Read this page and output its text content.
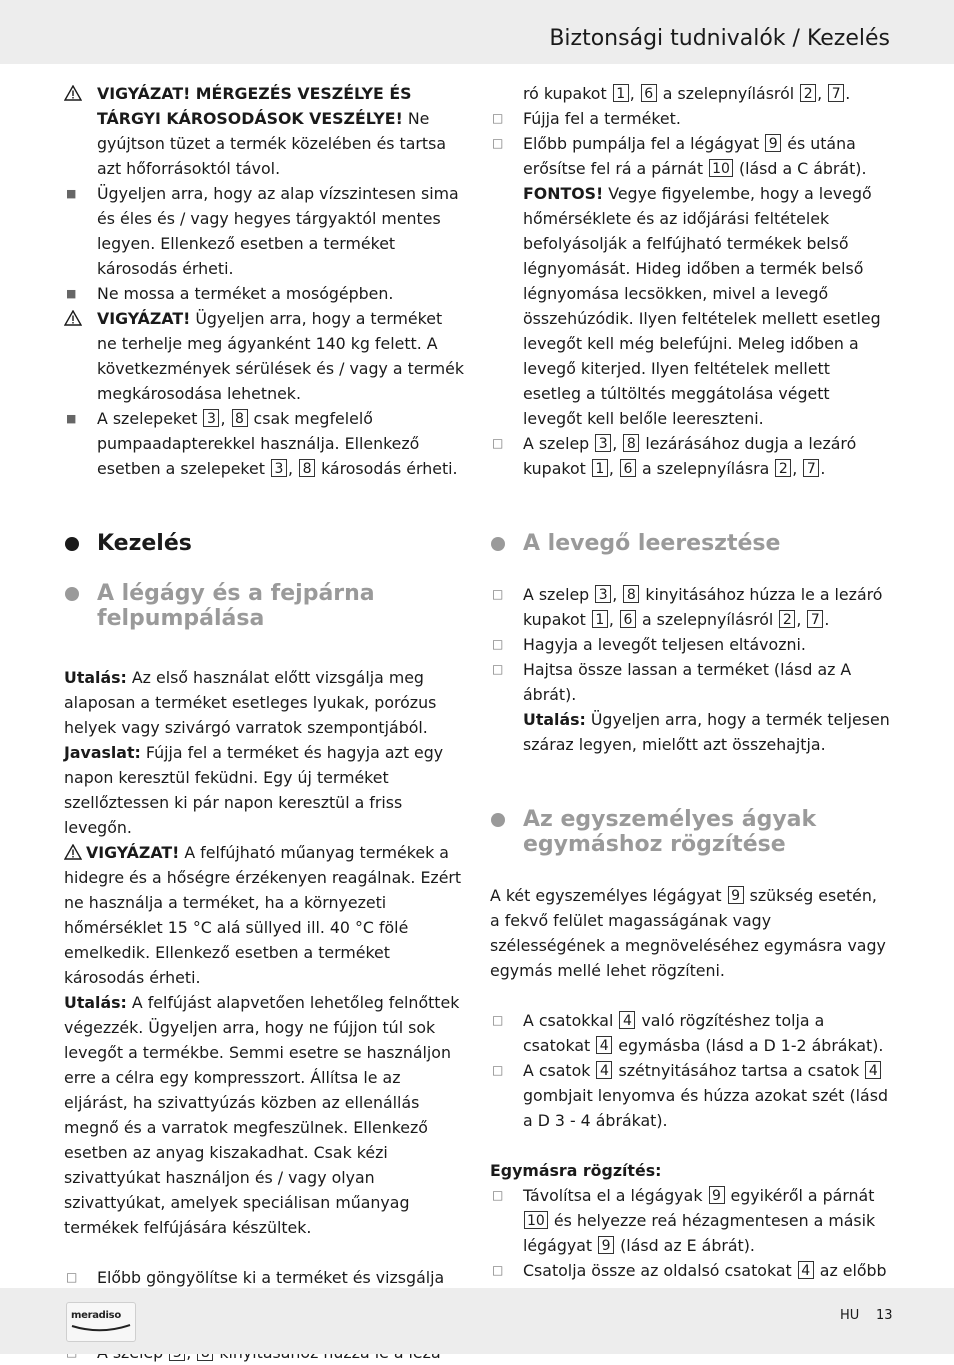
Biztonsági tudnivalók / Kezelés

VIGYÁZAT! MÉRGEZÉS VESZÉLYE ÉS TÁRGYI KÁROSODÁSOK VESZÉLYE! Ne gyújtson tüzet a termék közelében és tartsa azt hőforrásoktól távol.

■	Ügyeljen arra, hogy az alap vízszintesen sima és éles és / vagy hegyes tárgyaktól mentes legyen. Ellenkező esetben a terméket károsodás érheti.

■	Ne mossa a terméket a mosógépben.

VIGYÁZAT! Ügyeljen arra, hogy a terméket ne terhelje meg ágyanként 140 kg felett. A következmények sérülések és / vagy a termék megkárosodása lehetnek.

■	A szelepeket 3 , 8 csak megfelelő pumpaadapterekkel használja. Ellenkező esetben a szelepeket 3 , 8 károsodás érheti.

Kezelés
A légágy és a fejpárna felpumpálása

Utalás: Az első használat előtt vizsgálja meg alaposan a terméket esetleges lyukak, porózus helyek vagy szivárgó varratok szempontjából.

Javaslat: Fújja fel a terméket és hagyja azt egy napon keresztül feküdni. Egy új terméket szellőztessen ki pár napon keresztül a friss levegőn.

VIGYÁZAT! A felfújható műanyag termékek a hidegre és a hőségre érzékenyen reagálnak. Ezért ne használja a terméket, ha a környezeti hőmérséklet 15 °C alá süllyed ill. 40 °C fölé emelkedik. Ellenkező esetben a terméket károsodás érheti.

Utalás: A felfújást alapvetően lehetőleg felnőttek végezzék. Ügyeljen arra, hogy ne fújjon túl sok levegőt a termékbe. Semmi esetre se használjon erre a célra egy kompresszort. Állítsa le az eljárást, ha szivattyúzás közben az ellenállás megnő és a varratok megfeszülnek. Ellenkező esetben az anyag kiszakadhat. Csak kézi szivattyúkat használjon és / vagy olyan szivattyúkat, amelyek speciálisan műanyag termékek felfújására készültek.

□	Előbb göngyölítse ki a terméket és vizsgálja

ró kupakot 1 , 6 a szelepnyílásról 2 , 7 .

□	Fújja fel a terméket.

□	Előbb pumpálja fel a légágyat 9 és utána erősítse fel rá a párnát 10 (lásd a C ábrát).
FONTOS! Vegye figyelembe, hogy a levegő hőmérséklete és az időjárási feltételek befolyásolják a felfújható termékek belső légnyomását. Hideg időben a termék belső légnyomása lecsökken, mivel a levegő összehúzódik. Ilyen feltételek mellett esetleg levegőt kell még belefújni. Meleg időben a levegő kiterjed. Ilyen feltételek mellett esetleg a túltöltés meggátolása végett levegőt kell belőle leereszteni.

□	A szelep 3 , 8 lezárásához dugja a lezáró kupakot 1 , 6 a szelepnyílásra 2 , 7 .

A levegő leeresztése

□	A szelep 3 , 8 kinyitásához húzza le a lezáró kupakot 1 , 6 a szelepnyílásról 2 , 7 .

□	Hagyja a levegőt teljesen eltávozni.

□	Hajtsa össze lassan a terméket (lásd az A ábrát).
Utalás: Ügyeljen arra, hogy a termék teljesen száraz legyen, mielőtt azt összehajtja.

Az egyszemélyes ágyak egymáshoz rögzítése

A két egyszemélyes légágyat 9 szükség esetén, a fekvő felület magasságának vagy szélességének a megnöveléséhez egymásra vagy egymás mellé lehet rögzíteni.

□	A csatokkal 4 való rögzítéshez tolja a csatokat 4 egymásba (lásd a D 1-2 ábrákat).

□	A csatok 4 szétnyitásához tartsa a csatok 4 gombjait lenyomva és húzza azokat szét (lásd a D 3 - 4 ábrákat).

Egymásra rögzítés:

□	Távolítsa el a légágyak 9 egyikéről a párnát 10 és helyezze reá hézagmentesen a másik légágyat 9 (lásd az E ábrát).

□	Csatolja össze az oldalsó csatokat 4 az előbb

meradiso	HU 13
